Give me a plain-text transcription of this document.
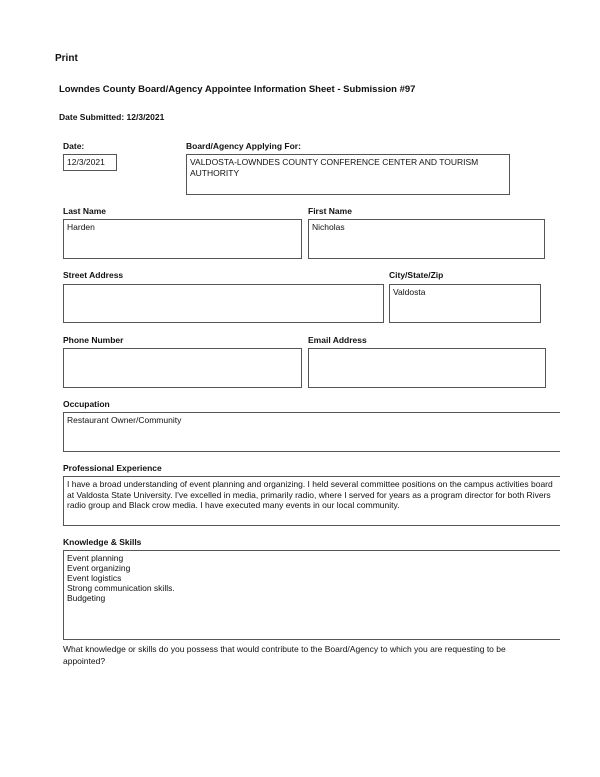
Print
Lowndes County Board/Agency Appointee Information Sheet - Submission #97
Date Submitted: 12/3/2021
Date:
12/3/2021
Board/Agency Applying For:
VALDOSTA-LOWNDES COUNTY CONFERENCE CENTER AND TOURISM AUTHORITY
Last Name
Harden
First Name
Nicholas
Street Address	City/State/Zip
Valdosta
Phone Number	Email Address
Occupation
Restaurant Owner/Community
Professional Experience
I have a broad understanding of event planning and organizing. I held several committee positions on the campus activities board at Valdosta State University. I've excelled in media, primarily radio, where I served for years as a program director for both Rivers radio group and Black crow media. I have executed many events in our local community.
Knowledge & Skills
Event planning
Event organizing
Event logistics
Strong communication skills.
Budgeting
What knowledge or skills do you possess that would contribute to the Board/Agency to which you are requesting to be appointed?
